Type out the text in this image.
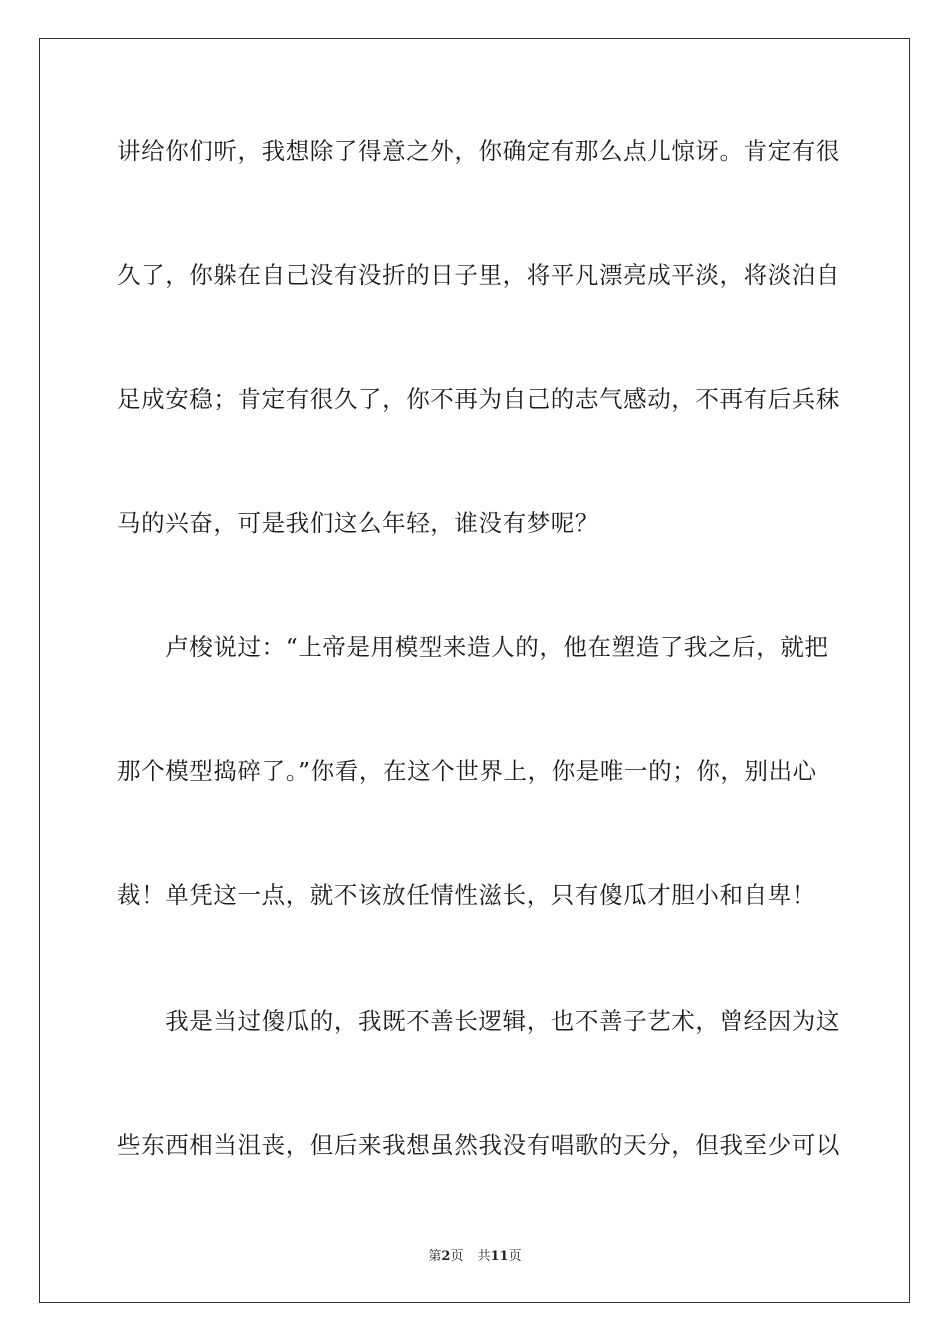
讲给你们听，我想除了得意之外，你确定有那么点儿惊讶。肯定有很
久了，你躲在自己没有没折的日子里，将平凡漂亮成平淡，将淡泊自
足成安稳；肯定有很久了，你不再为自己的志气感动，不再有后兵秣
马的兴奋，可是我们这么年轻，谁没有梦呢？
　　卢梭说过：“上帝是用模型来造人的，他在塑造了我之后，就把
那个模型捣碎了。”你看，在这个世界上，你是唯一的；你，别出心
裁！单凭这一点，就不该放任情性滋长，只有傻瓜才胆小和自卑！
　　我是当过傻瓜的，我既不善长逻辑，也不善子艺术，曾经因为这
些东西相当沮丧，但后来我想虽然我没有唱歌的天分，但我至少可以
第2页 共11页
